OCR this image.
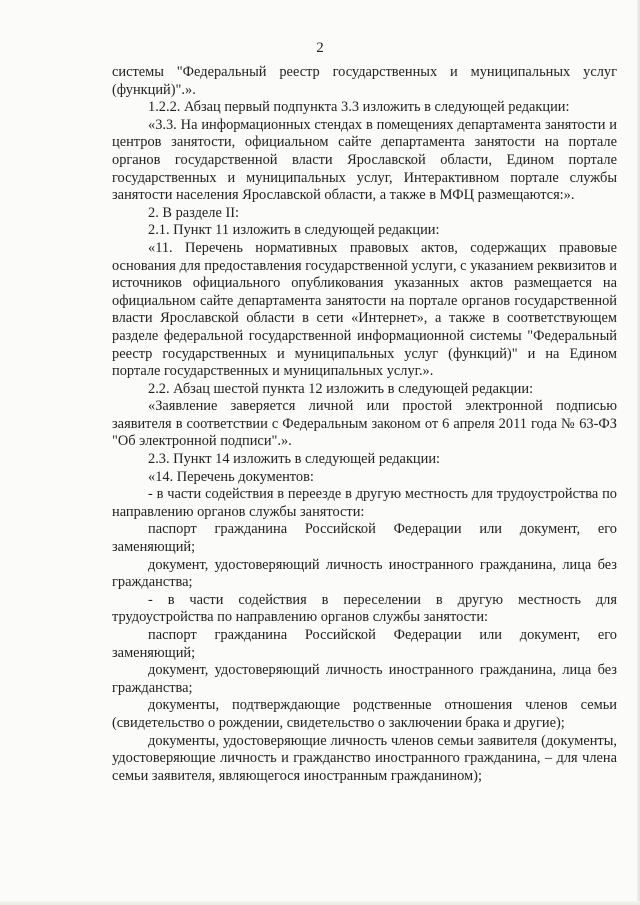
2

системы "Федеральный реестр государственных и муниципальных услуг (функций)".».

1.2.2. Абзац первый подпункта 3.3 изложить в следующей редакции:

«3.3. На информационных стендах в помещениях департамента занятости и центров занятости, официальном сайте департамента занятости на портале органов государственной власти Ярославской области, Едином портале государственных и муниципальных услуг, Интерактивном портале службы занятости населения Ярославской области, а также в МФЦ размещаются:».

2. В разделе II:

2.1. Пункт 11 изложить в следующей редакции:

«11. Перечень нормативных правовых актов, содержащих правовые основания для предоставления государственной услуги, с указанием реквизитов и источников официального опубликования указанных актов размещается на официальном сайте департамента занятости на портале органов государственной власти Ярославской области в сети «Интернет», а также в соответствующем разделе федеральной государственной информационной системы "Федеральный реестр государственных и муниципальных услуг (функций)" и на Едином портале государственных и муниципальных услуг.».

2.2. Абзац шестой пункта 12 изложить в следующей редакции:

«Заявление заверяется личной или простой электронной подписью заявителя в соответствии с Федеральным законом от 6 апреля 2011 года № 63-ФЗ "Об электронной подписи".».

2.3. Пункт 14 изложить в следующей редакции:

«14. Перечень документов:

- в части содействия в переезде в другую местность для трудоустройства по направлению органов службы занятости:

паспорт гражданина Российской Федерации или документ, его заменяющий;

документ, удостоверяющий личность иностранного гражданина, лица без гражданства;

- в части содействия в переселении в другую местность для трудоустройства по направлению органов службы занятости:

паспорт гражданина Российской Федерации или документ, его заменяющий;

документ, удостоверяющий личность иностранного гражданина, лица без гражданства;

документы, подтверждающие родственные отношения членов семьи (свидетельство о рождении, свидетельство о заключении брака и другие);

документы, удостоверяющие личность членов семьи заявителя (документы, удостоверяющие личность и гражданство иностранного гражданина, – для члена семьи заявителя, являющегося иностранным гражданином);
